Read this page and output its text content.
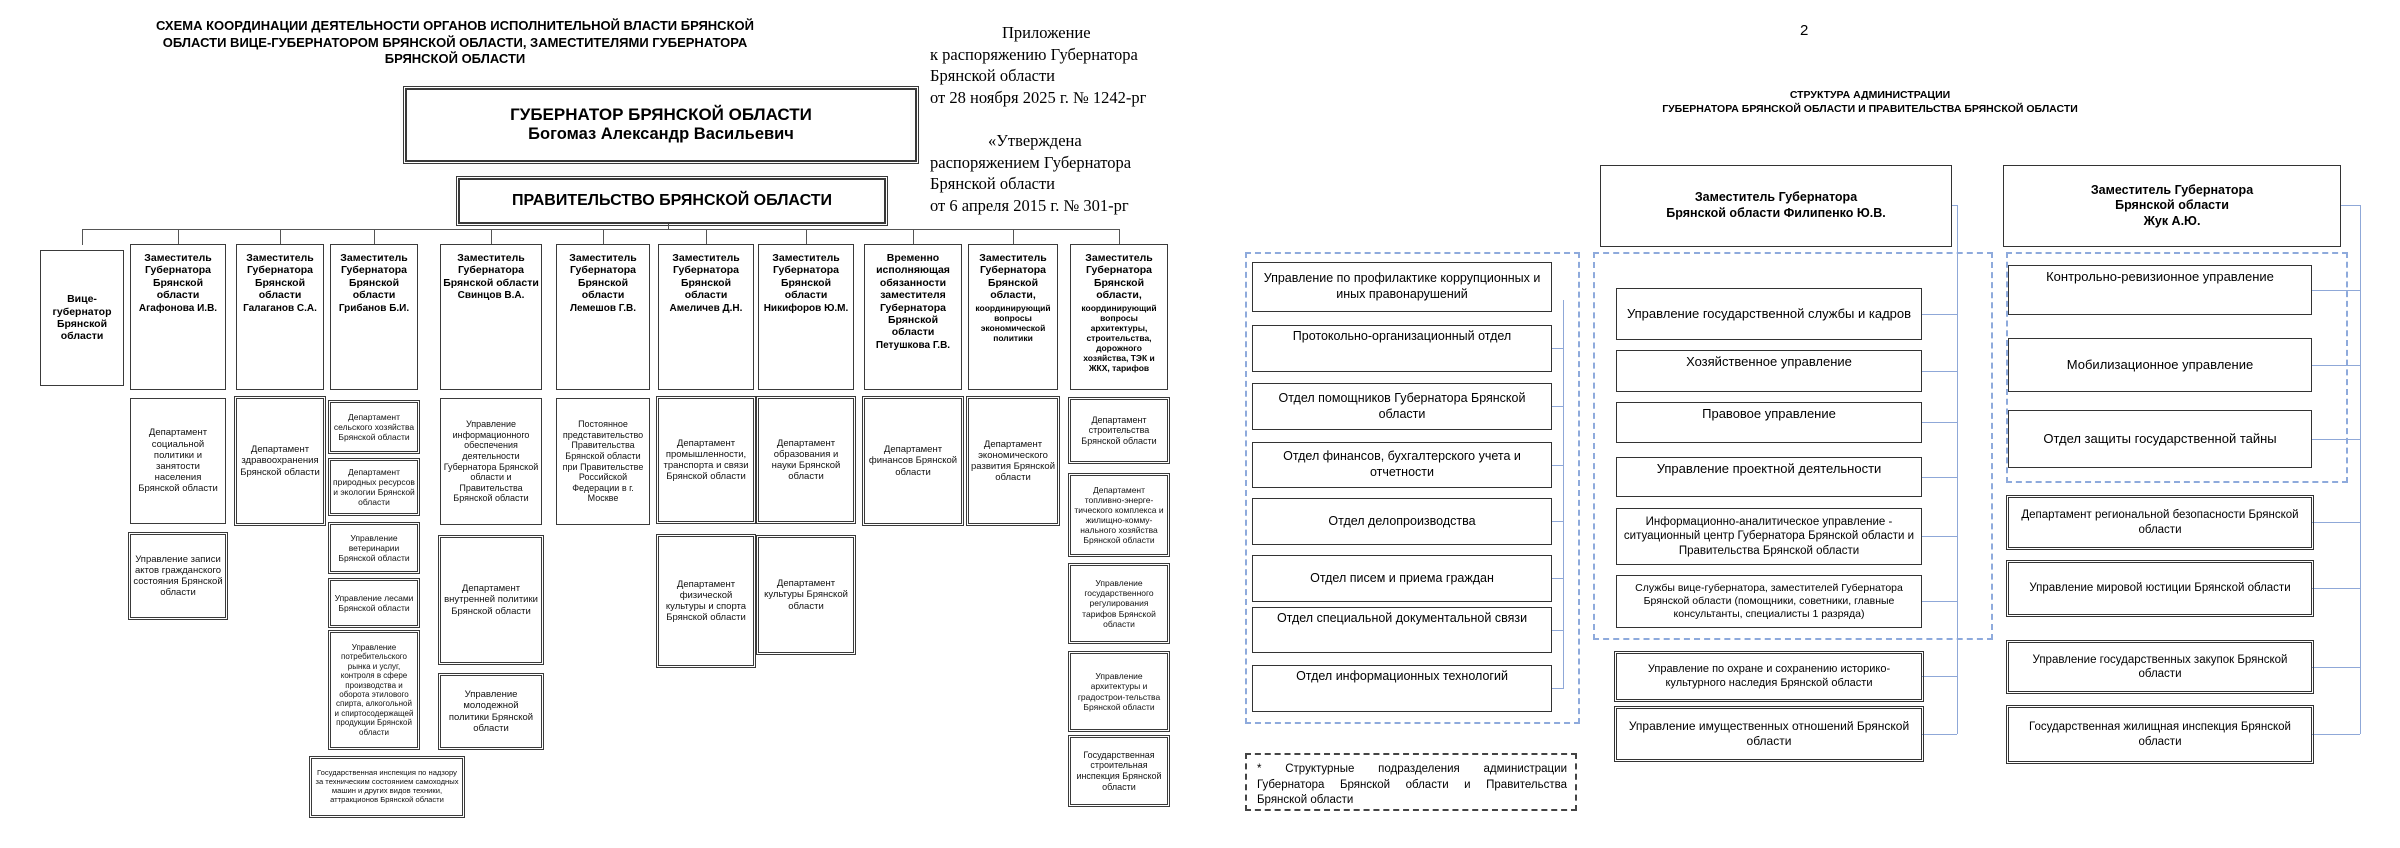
СХЕМА КООРДИНАЦИИ ДЕЯТЕЛЬНОСТИ ОРГАНОВ ИСПОЛНИТЕЛЬНОЙ ВЛАСТИ БРЯНСКОЙ
ОБЛАСТИ ВИЦЕ-ГУБЕРНАТОРОМ БРЯНСКОЙ ОБЛАСТИ, ЗАМЕСТИТЕЛЯМИ ГУБЕРНАТОРА
БРЯНСКОЙ ОБЛАСТИ
ГУБЕРНАТОР БРЯНСКОЙ ОБЛАСТИ
Богомаз Александр Васильевич
ПРАВИТЕЛЬСТВО БРЯНСКОЙ ОБЛАСТИ
Вице-губернатор Брянской области
Заместитель Губернатора Брянской области
Агафонова И.В.
Заместитель Губернатора Брянской области
Галаганов С.А.
Заместитель Губернатора Брянской области
Грибанов Б.И.
Заместитель Губернатора Брянской области
Свинцов В.А.
Заместитель Губернатора Брянской области
Лемешов Г.В.
Заместитель Губернатора Брянской области
Амеличев Д.Н.
Заместитель Губернатора Брянской области
Никифоров Ю.М.
Временно исполняющая обязанности заместителя Губернатора Брянской области
Петушкова Г.В.
Заместитель Губернатора Брянской области,
координирующий вопросы экономической политики
Заместитель Губернатора Брянской области,
координирующий вопросы архитектуры, строительства, дорожного хозяйства, ТЭК и ЖКХ, тарифов
Департамент социальной политики и занятости населения Брянской области
Управление записи актов гражданского состояния Брянской области
Департамент здравоохранения Брянской области
Департамент сельского хозяйства Брянской области
Департамент природных ресурсов и экологии Брянской области
Управление ветеринарии Брянской области
Управление лесами Брянской области
Управление потребительского рынка и услуг, контроля в сфере производства и оборота этилового спирта, алкогольной и спиртосодержащей продукции Брянской области
Государственная инспекция по надзору за техническим состоянием самоходных машин и других видов техники, аттракционов Брянской области
Управление информационного обеспечения деятельности Губернатора Брянской области и Правительства Брянской области
Департамент внутренней политики Брянской области
Управление молодежной политики Брянской области
Постоянное представительство Правительства Брянской области при Правительстве Российской Федерации в г. Москве
Департамент промышленности, транспорта и связи Брянской области
Департамент физической культуры и спорта Брянской области
Департамент образования и науки Брянской области
Департамент культуры Брянской области
Департамент финансов Брянской области
Департамент экономического развития Брянской области
Департамент строительства Брянской области
Департамент топливно-энерге-тического комплекса и жилищно-комму-нального хозяйства Брянской области
Управление государственного регулирования тарифов Брянской области
Управление архитектуры и градострои-тельства Брянской области
Государственная строительная инспекция Брянской области
Приложение
к распоряжению Губернатора
Брянской области
от 28 ноября 2025 г. № 1242-рг
«Утверждена
распоряжением Губернатора
Брянской области
от 6 апреля 2015 г. № 301-рг
2
СТРУКТУРА АДМИНИСТРАЦИИ
ГУБЕРНАТОРА БРЯНСКОЙ ОБЛАСТИ И ПРАВИТЕЛЬСТВА БРЯНСКОЙ ОБЛАСТИ
Заместитель Губернатора
Брянской области Филипенко Ю.В.
Заместитель Губернатора
Брянской области
Жук А.Ю.
Управление по профилактике коррупционных и иных правонарушений
Протокольно-организационный отдел
Отдел помощников Губернатора Брянской области
Отдел финансов, бухгалтерского учета и отчетности
Отдел делопроизводства
Отдел писем и приема граждан
Отдел специальной документальной связи
Отдел информационных технологий
Управление государственной службы и кадров
Хозяйственное управление
Правовое управление
Управление проектной деятельности
Информационно-аналитическое управление - ситуационный центр Губернатора Брянской области и Правительства Брянской области
Службы вице-губернатора, заместителей Губернатора Брянской области (помощники, советники, главные консультанты, специалисты 1 разряда)
Управление по охране и сохранению историко-культурного наследия Брянской области
Управление имущественных отношений Брянской области
Контрольно-ревизионное управление
Мобилизационное управление
Отдел защиты государственной тайны
Департамент региональной безопасности Брянской области
Управление мировой юстиции Брянской области
Управление государственных закупок Брянской области
Государственная жилищная инспекция Брянской области
* Структурные подразделения администрации Губернатора Брянской области и Правительства Брянской области
